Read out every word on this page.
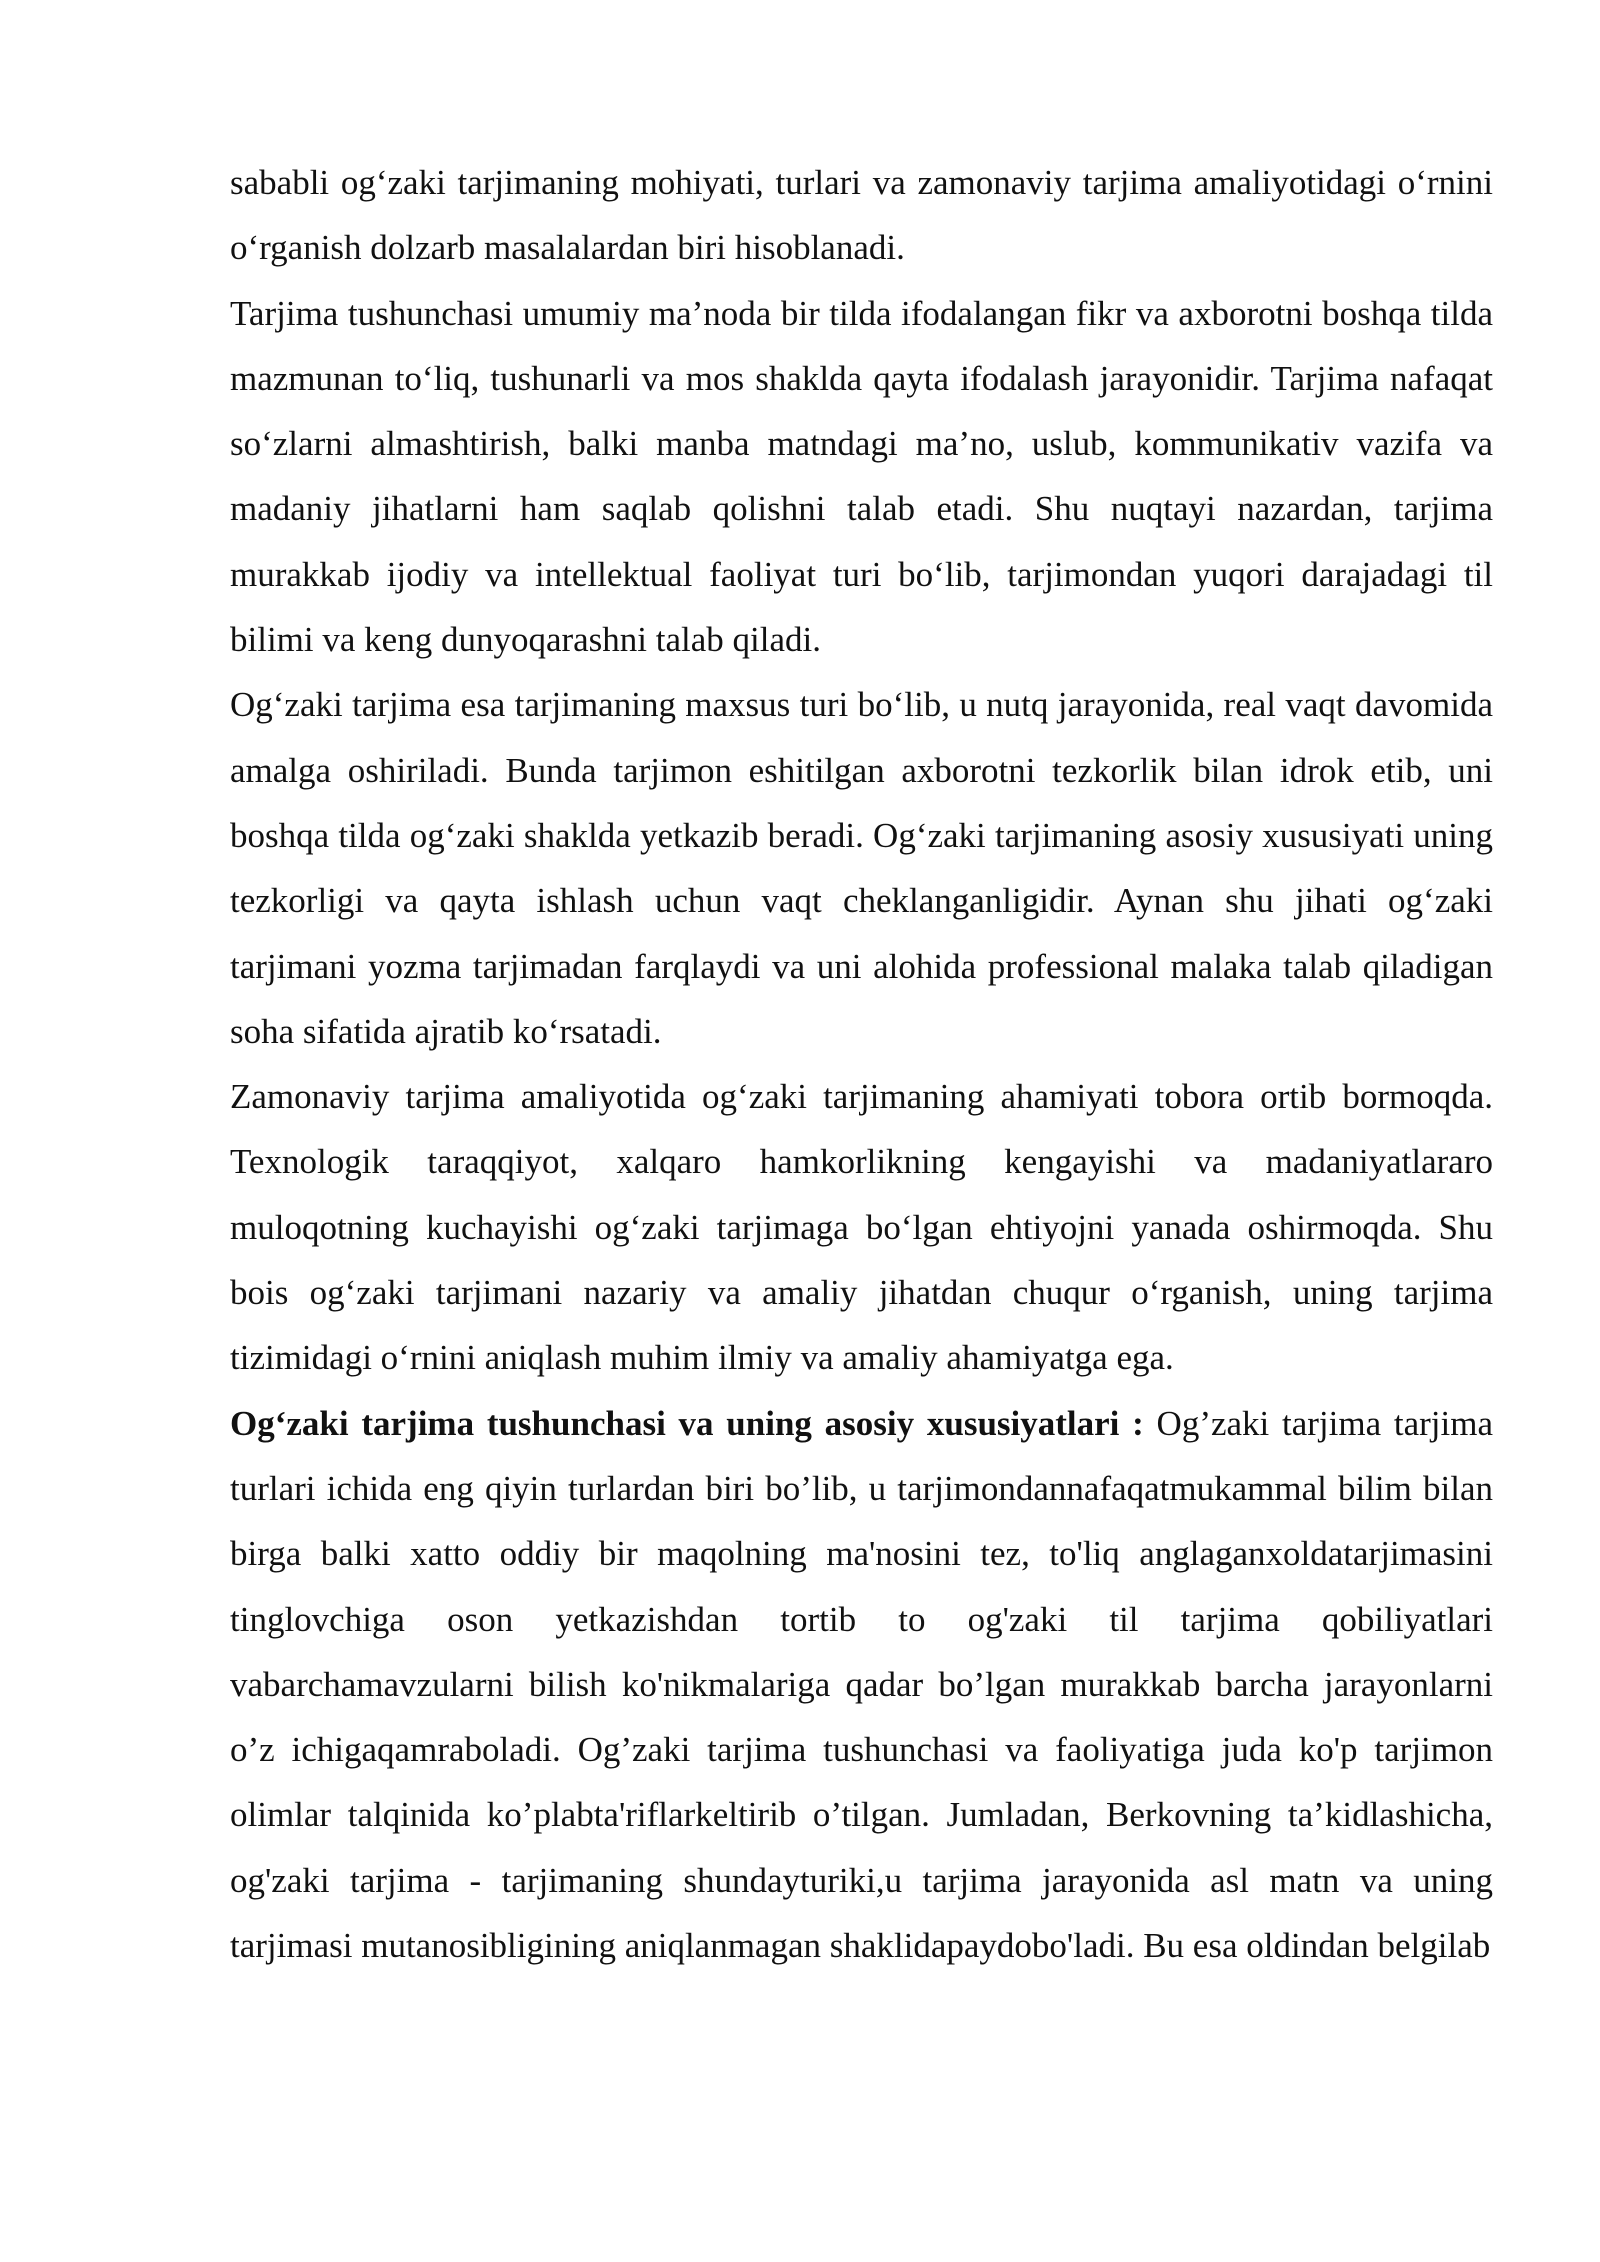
sababli og‘zaki tarjimaning mohiyati, turlari va zamonaviy tarjima amaliyotidagi o‘rnini o‘rganish dolzarb masalalardan biri hisoblanadi.

Tarjima tushunchasi umumiy ma’noda bir tilda ifodalangan fikr va axborotni boshqa tilda mazmunan to‘liq, tushunarli va mos shaklda qayta ifodalash jarayonidir. Tarjima nafaqat so‘zlarni almashtirish, balki manba matndagi ma’no, uslub, kommunikativ vazifa va madaniy jihatlarni ham saqlab qolishni talab etadi. Shu nuqtayi nazardan, tarjima murakkab ijodiy va intellektual faoliyat turi bo‘lib, tarjimondan yuqori darajadagi til bilimi va keng dunyoqarashni talab qiladi.

Og‘zaki tarjima esa tarjimaning maxsus turi bo‘lib, u nutq jarayonida, real vaqt davomida amalga oshiriladi. Bunda tarjimon eshitilgan axborotni tezkorlik bilan idrok etib, uni boshqa tilda og‘zaki shaklda yetkazib beradi. Og‘zaki tarjimaning asosiy xususiyati uning tezkorligi va qayta ishlash uchun vaqt cheklanganligidir. Aynan shu jihati og‘zaki tarjimani yozma tarjimadan farqlaydi va uni alohida professional malaka talab qiladigan soha sifatida ajratib ko‘rsatadi.

Zamonaviy tarjima amaliyotida og‘zaki tarjimaning ahamiyati tobora ortib bormoqda. Texnologik taraqqiyot, xalqaro hamkorlikning kengayishi va madaniyatlararo muloqotning kuchayishi og‘zaki tarjimaga bo‘lgan ehtiyojni yanada oshirmoqda. Shu bois og‘zaki tarjimani nazariy va amaliy jihatdan chuqur o‘rganish, uning tarjima tizimidagi o‘rnini aniqlash muhim ilmiy va amaliy ahamiyatga ega.

Og‘zaki tarjima tushunchasi va uning asosiy xususiyatlari : Og’zaki tarjima tarjima turlari ichida eng qiyin turlardan biri bo’lib, u tarjimondannafaqatmukammal bilim bilan birga balki xatto oddiy bir maqolning ma'nosini tez, to'liq anglaganxoldatarjimasini tinglovchiga oson yetkazishdan tortib to og'zaki til tarjima qobiliyatlari vabarchamavzularni bilish ko'nikmalariga qadar bo’lgan murakkab barcha jarayonlarni o’z ichigaqamraboladi. Og’zaki tarjima tushunchasi va faoliyatiga juda ko'p tarjimon olimlar talqinida ko’plabta'riflarkeltirib o’tilgan. Jumladan, Berkovning ta’kidlashicha, og'zaki tarjima - tarjimaning shundayturiki,u tarjima jarayonida asl matn va uning tarjimasi mutanosibligining aniqlanmagan shaklidapaydobo'ladi. Bu esa oldindan belgilab
